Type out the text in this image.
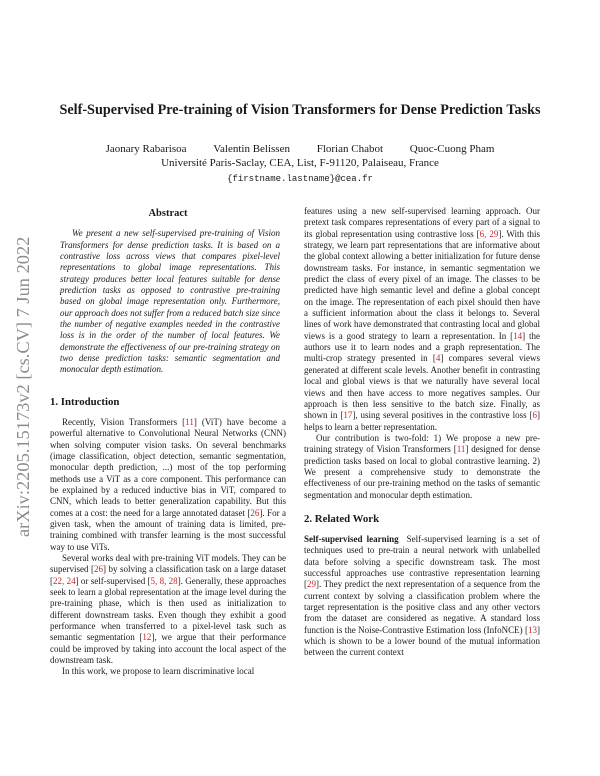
arXiv:2205.15173v2 [cs.CV] 7 Jun 2022
Self-Supervised Pre-training of Vision Transformers for Dense Prediction Tasks
Jaonary Rabarisoa Valentin Belissen Florian Chabot Quoc-Cuong Pham
Université Paris-Saclay, CEA, List, F-91120, Palaiseau, France
{firstname.lastname}@cea.fr
Abstract

We present a new self-supervised pre-training of Vision Transformers for dense prediction tasks. It is based on a contrastive loss across views that compares pixel-level representations to global image representations. This strategy produces better local features suitable for dense prediction tasks as opposed to contrastive pre-training based on global image representation only. Furthermore, our approach does not suffer from a reduced batch size since the number of negative examples needed in the contrastive loss is in the order of the number of local features. We demonstrate the effectiveness of our pre-training strategy on two dense prediction tasks: semantic segmentation and monocular depth estimation.

1. Introduction

Recently, Vision Transformers [11] (ViT) have become a powerful alternative to Convolutional Neural Networks (CNN) when solving computer vision tasks. On several benchmarks (image classification, object detection, semantic segmentation, monocular depth prediction, ...) most of the top performing methods use a ViT as a core component. This performance can be explained by a reduced inductive bias in ViT, compared to CNN, which leads to better generalization capability. But this comes at a cost: the need for a large annotated dataset [26]. For a given task, when the amount of training data is limited, pre-training combined with transfer learning is the most successful way to use ViTs.

Several works deal with pre-training ViT models. They can be supervised [26] by solving a classification task on a large dataset [22, 24] or self-supervised [5, 8, 28]. Generally, these approaches seek to learn a global representation at the image level during the pre-training phase, which is then used as initialization to different downstream tasks. Even though they exhibit a good performance when transferred to a pixel-level task such as semantic segmentation [12], we argue that their performance could be improved by taking into account the local aspect of the downstream task.

In this work, we propose to learn discriminative local

features using a new self-supervised learning approach. Our pretext task compares representations of every part of a signal to its global representation using contrastive loss [6, 29]. With this strategy, we learn part representations that are informative about the global context allowing a better initialization for future dense downstream tasks. For instance, in semantic segmentation we predict the class of every pixel of an image. The classes to be predicted have high semantic level and define a global concept on the image. The representation of each pixel should then have a sufficient information about the class it belongs to. Several lines of work have demonstrated that contrasting local and global views is a good strategy to learn a representation. In [14] the authors use it to learn nodes and a graph representation. The multi-crop strategy presented in [4] compares several views generated at different scale levels. Another benefit in contrasting local and global views is that we naturally have several local views and then have access to more negatives samples. Our approach is then less sensitive to the batch size. Finally, as shown in [17], using several positives in the contrastive loss [6] helps to learn a better representation.

Our contribution is two-fold: 1) We propose a new pre-training strategy of Vision Transformers [11] designed for dense prediction tasks based on local to global contrastive learning. 2) We present a comprehensive study to demonstrate the effectiveness of our pre-training method on the tasks of semantic segmentation and monocular depth estimation.

2. Related Work

Self-supervised learning Self-supervised learning is a set of techniques used to pre-train a neural network with unlabelled data before solving a specific downstream task. The most successful approaches use contrastive representation learning [29]. They predict the next representation of a sequence from the current context by solving a classification problem where the target representation is the positive class and any other vectors from the dataset are considered as negative. A standard loss function is the Noise-Contrastive Estimation loss (InfoNCE) [13] which is shown to be a lower bound of the mutual information between the current context
